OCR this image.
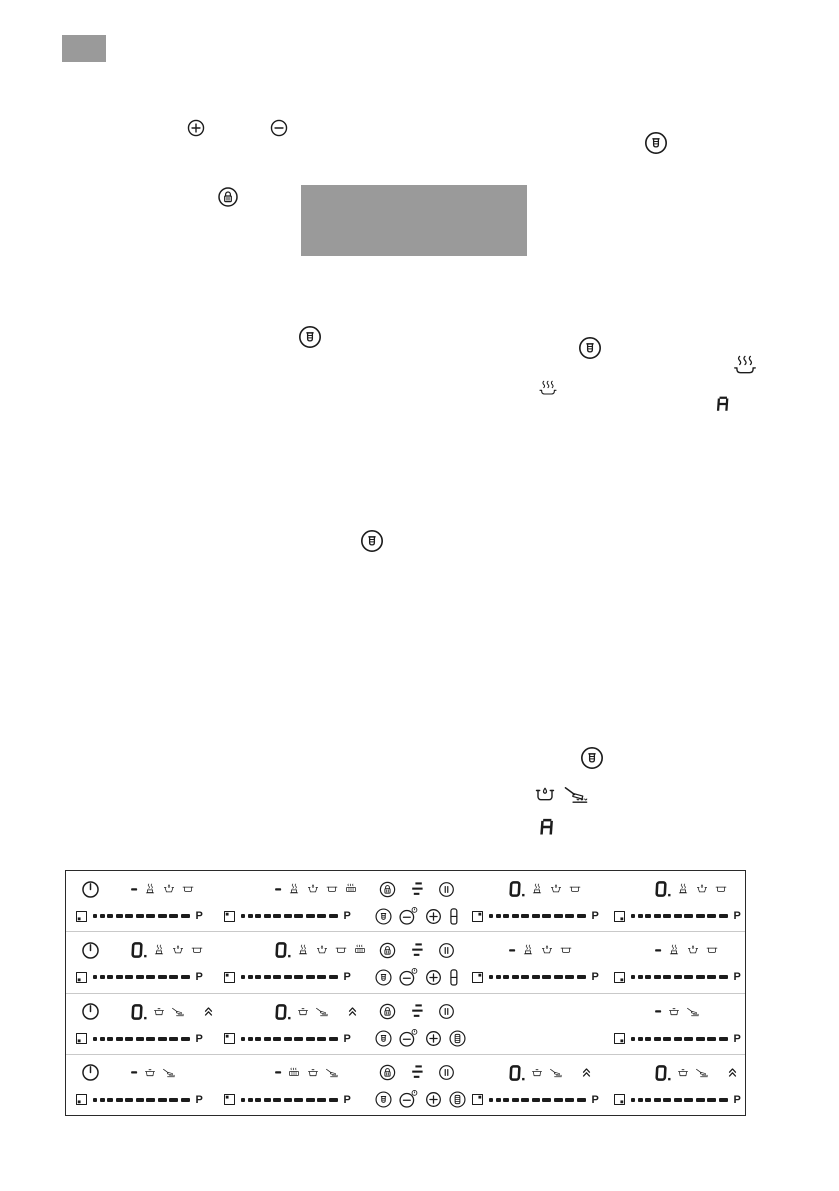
P	P	P	P
P	P	P	P
P	P	P
P	P	P	P
